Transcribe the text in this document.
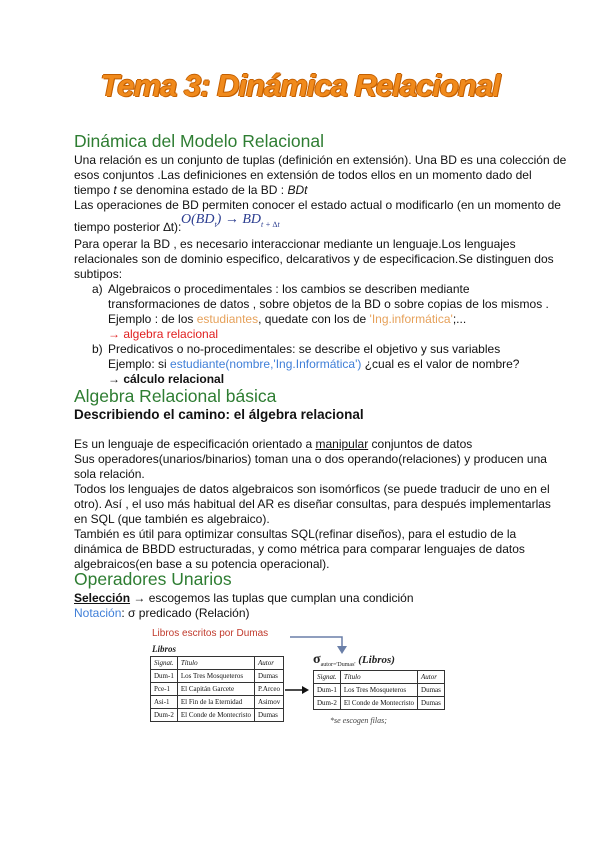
Tema 3: Dinámica Relacional
Dinámica del Modelo Relacional
Una relación es un conjunto de tuplas (definición en extensión). Una BD es una colección de
esos conjuntos .Las definiciones en extensión de todos ellos en un momento dado del
tiempo t se denomina estado de la BD : BDt
Las operaciones de BD permiten conocer el estado actual o modificarlo (en un momento de
tiempo posterior ∆t): $O(BD_t) \to BD_{t + \Delta t}$
Para operar la BD , es necesario interaccionar mediante un lenguaje.Los lenguajes
relacionales son de dominio especifico, delcarativos y de especificacion.Se distinguen dos
subtipos:
a) Algebraicos o procedimentales : los cambios se describen mediante
transformaciones de datos , sobre objetos de la BD o sobre copias de los mismos .
Ejemplo : de los estudiantes, quedate con los de 'Ing.informática';...
→ algebra relacional
b) Predicativos o no-procedimentales: se describe el objetivo y sus variables
Ejemplo: si estudiante(nombre,'Ing.Informática') ¿cual es el valor de nombre?
→ cálculo relacional
Algebra Relacional básica
Describiendo el camino: el álgebra relacional
Es un lenguaje de especificación orientado a manipular conjuntos de datos
Sus operadores(unarios/binarios) toman una o dos operando(relaciones) y producen una
sola relación.
Todos los lenguajes de datos algebraicos son isomórficos (se puede traducir de uno en el
otro). Así , el uso más habitual del AR es diseñar consultas, para después implementarlas
en SQL (que también es algebraico).
También es útil para optimizar consultas SQL(refinar diseños), para el estudio de la
dinámica de BBDD estructuradas, y como métrica para comparar lenguajes de datos
algebraicos(en base a su potencia operacional).
Operadores Unarios
Selección → escogemos las tuplas que cumplan una condición
Notación: σ predicado (Relación)
Libros escritos por Dumas
Libros
Signat.	Título	Autor
Dum-1	Los Tres Mosqueteros	Dumas
Pce-1	El Capitán Garcete	P.Arceo
Asi-1	El Fin de la Eternidad	Asimov
Dum-2	El Conde de Montecristo	Dumas
$\sigma_{autor='Dumas'}$ (Libros)
Signat.	Título	Autor
Dum-1	Los Tres Mosqueteros	Dumas
Dum-2	El Conde de Montecristo	Dumas
*se escogen filas;
